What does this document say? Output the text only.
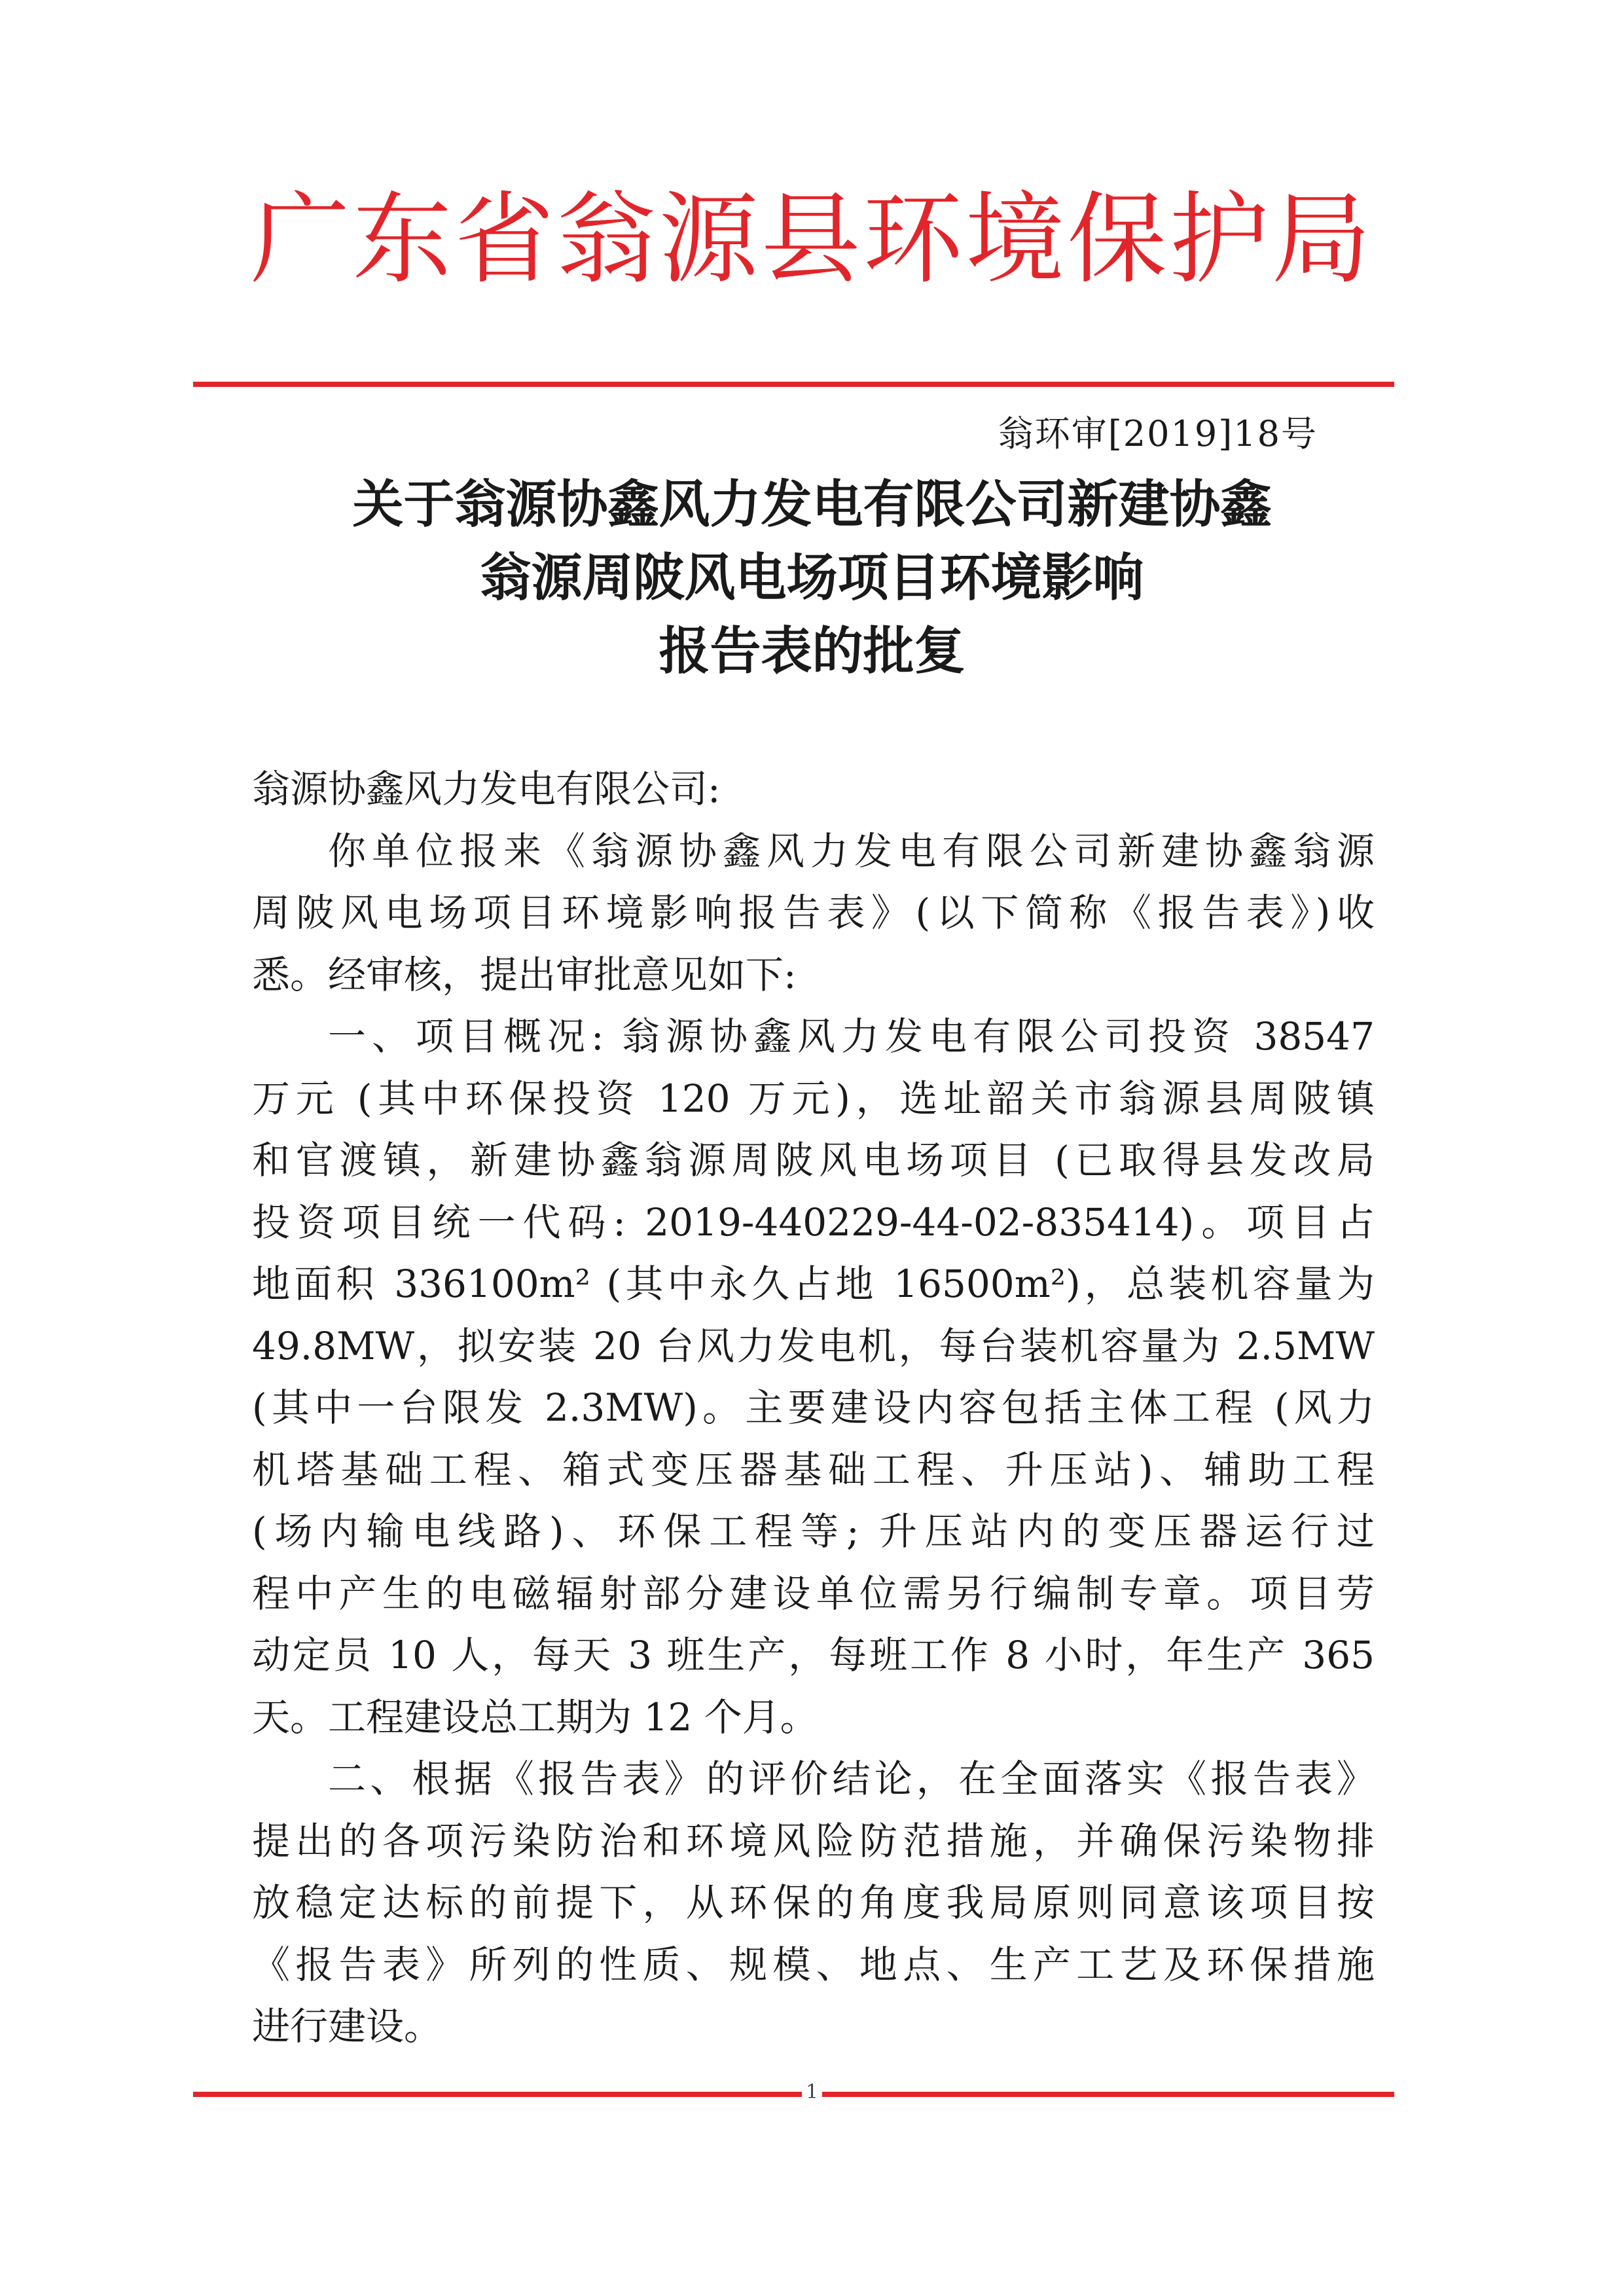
广东省翁源县环境保护局
翁环审[2019]18号
关于翁源协鑫风力发电有限公司新建协鑫
翁源周陂风电场项目环境影响
报告表的批复
翁源协鑫风力发电有限公司:
你单位报来《翁源协鑫风力发电有限公司新建协鑫翁源
周陂风电场项目环境影响报告表》(以下简称《报告表》)收
悉。经审核，提出审批意见如下:
一、项目概况: 翁源协鑫风力发电有限公司投资 38547
万元 (其中环保投资 120 万元)，选址韶关市翁源县周陂镇
和官渡镇，新建协鑫翁源周陂风电场项目 (已取得县发改局
投资项目统一代码: 2019-440229-44-02-835414)。项目占
地面积 336100m² (其中永久占地 16500m²)，总装机容量为
49.8MW，拟安装 20 台风力发电机，每台装机容量为 2.5MW
(其中一台限发 2.3MW)。主要建设内容包括主体工程 (风力
机塔基础工程、箱式变压器基础工程、升压站)、辅助工程
(场内输电线路)、环保工程等; 升压站内的变压器运行过
程中产生的电磁辐射部分建设单位需另行编制专章。项目劳
动定员 10 人，每天 3 班生产，每班工作 8 小时，年生产 365
天。工程建设总工期为 12 个月。
二、根据《报告表》的评价结论，在全面落实《报告表》
提出的各项污染防治和环境风险防范措施，并确保污染物排
放稳定达标的前提下，从环保的角度我局原则同意该项目按
《报告表》所列的性质、规模、地点、生产工艺及环保措施
进行建设。
1
